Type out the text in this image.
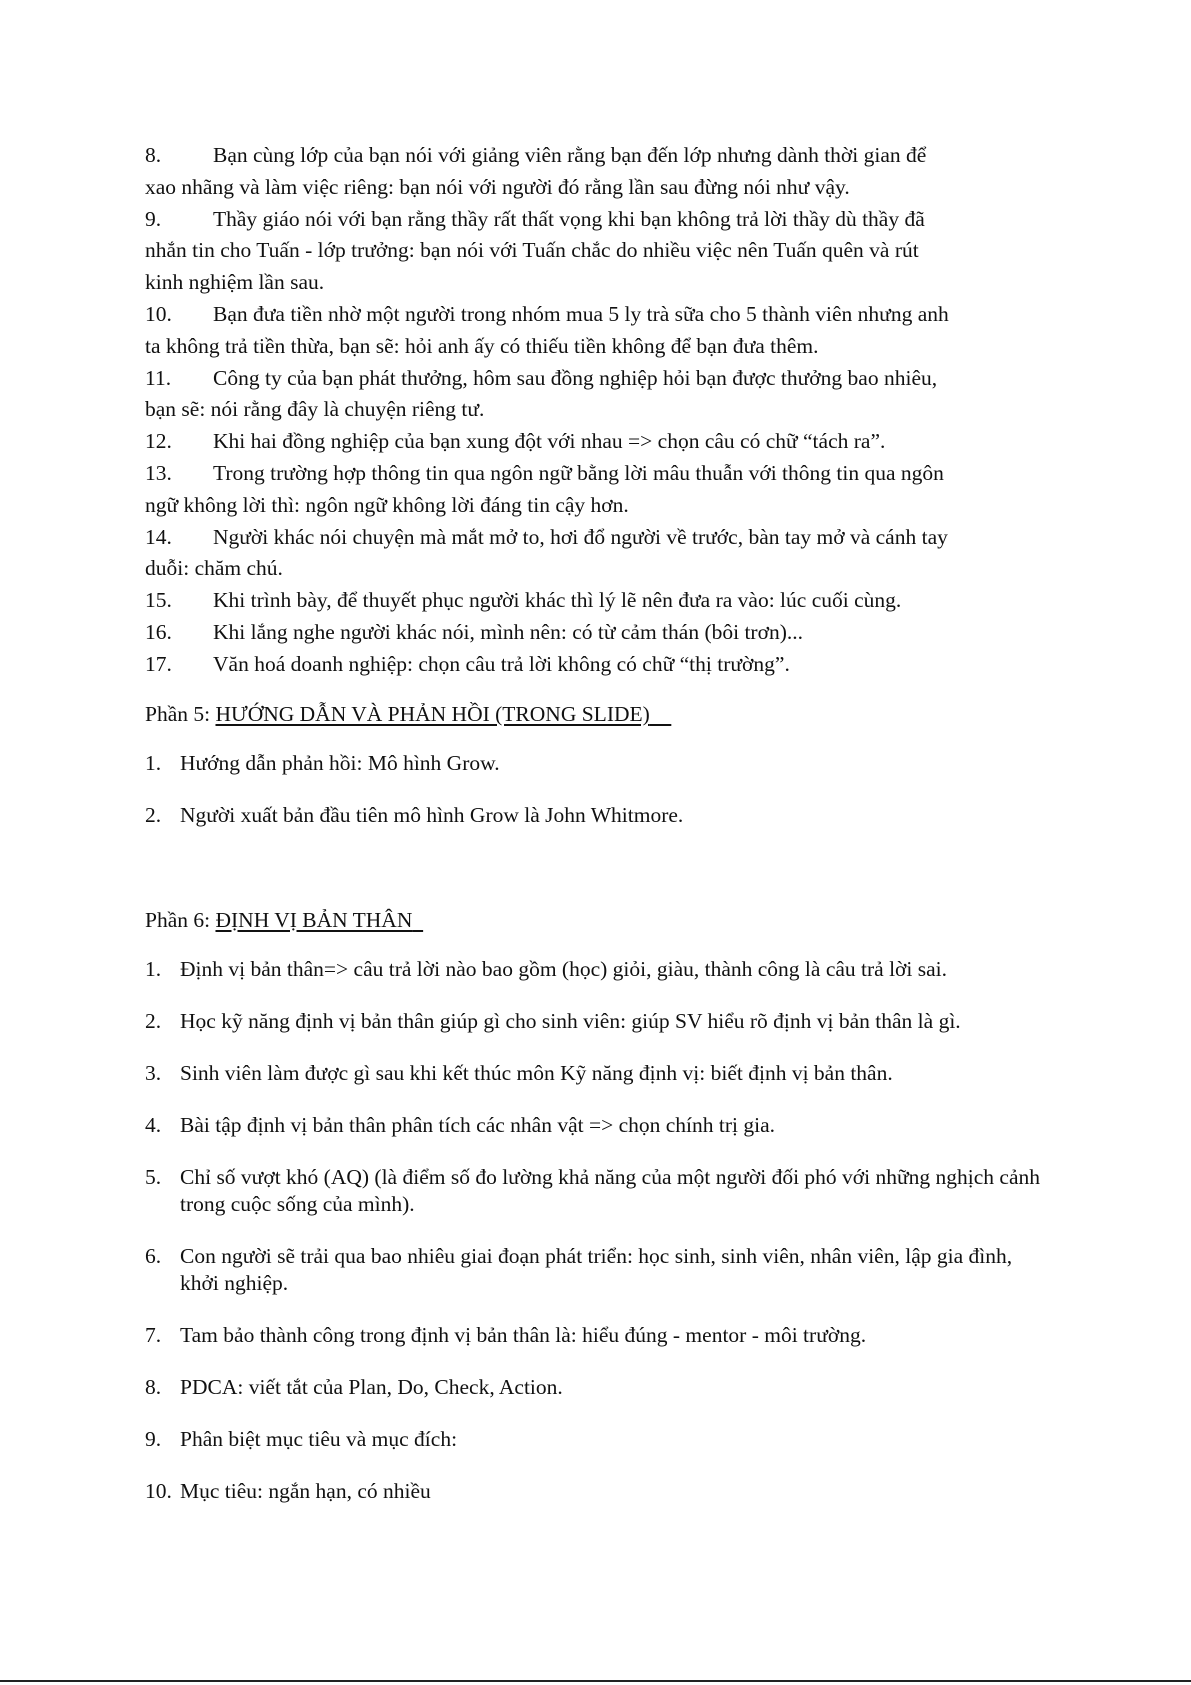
8. Bạn cùng lớp của bạn nói với giảng viên rằng bạn đến lớp nhưng dành thời gian để
xao nhãng và làm việc riêng: bạn nói với người đó rằng lần sau đừng nói như vậy.
9. Thầy giáo nói với bạn rằng thầy rất thất vọng khi bạn không trả lời thầy dù thầy đã
nhắn tin cho Tuấn - lớp trưởng: bạn nói với Tuấn chắc do nhiều việc nên Tuấn quên và rút
kinh nghiệm lần sau.
10. Bạn đưa tiền nhờ một người trong nhóm mua 5 ly trà sữa cho 5 thành viên nhưng anh
ta không trả tiền thừa, bạn sẽ: hỏi anh ấy có thiếu tiền không để bạn đưa thêm.
11. Công ty của bạn phát thưởng, hôm sau đồng nghiệp hỏi bạn được thưởng bao nhiêu,
bạn sẽ: nói rằng đây là chuyện riêng tư.
12. Khi hai đồng nghiệp của bạn xung đột với nhau => chọn câu có chữ “tách ra”.
13. Trong trường hợp thông tin qua ngôn ngữ bằng lời mâu thuẫn với thông tin qua ngôn
ngữ không lời thì: ngôn ngữ không lời đáng tin cậy hơn.
14. Người khác nói chuyện mà mắt mở to, hơi đổ người về trước, bàn tay mở và cánh tay
duỗi: chăm chú.
15. Khi trình bày, để thuyết phục người khác thì lý lẽ nên đưa ra vào: lúc cuối cùng.
16. Khi lắng nghe người khác nói, mình nên: có từ cảm thán (bôi trơn)...
17. Văn hoá doanh nghiệp: chọn câu trả lời không có chữ “thị trường”.
Phần 5: HƯỚNG DẪN VÀ PHẢN HỒI (TRONG SLIDE)
1. Hướng dẫn phản hồi: Mô hình Grow.
2. Người xuất bản đầu tiên mô hình Grow là John Whitmore.
Phần 6: ĐỊNH VỊ BẢN THÂN
1. Định vị bản thân=> câu trả lời nào bao gồm (học) giỏi, giàu, thành công là câu trả lời sai.
2. Học kỹ năng định vị bản thân giúp gì cho sinh viên: giúp SV hiểu rõ định vị bản thân là gì.
3. Sinh viên làm được gì sau khi kết thúc môn Kỹ năng định vị: biết định vị bản thân.
4. Bài tập định vị bản thân phân tích các nhân vật => chọn chính trị gia.
5. Chỉ số vượt khó (AQ) (là điểm số đo lường khả năng của một người đối phó với những nghịch cảnh trong cuộc sống của mình).
6. Con người sẽ trải qua bao nhiêu giai đoạn phát triển: học sinh, sinh viên, nhân viên, lập gia đình, khởi nghiệp.
7. Tam bảo thành công trong định vị bản thân là: hiểu đúng - mentor - môi trường.
8. PDCA: viết tắt của Plan, Do, Check, Action.
9. Phân biệt mục tiêu và mục đích:
10. Mục tiêu: ngắn hạn, có nhiều
